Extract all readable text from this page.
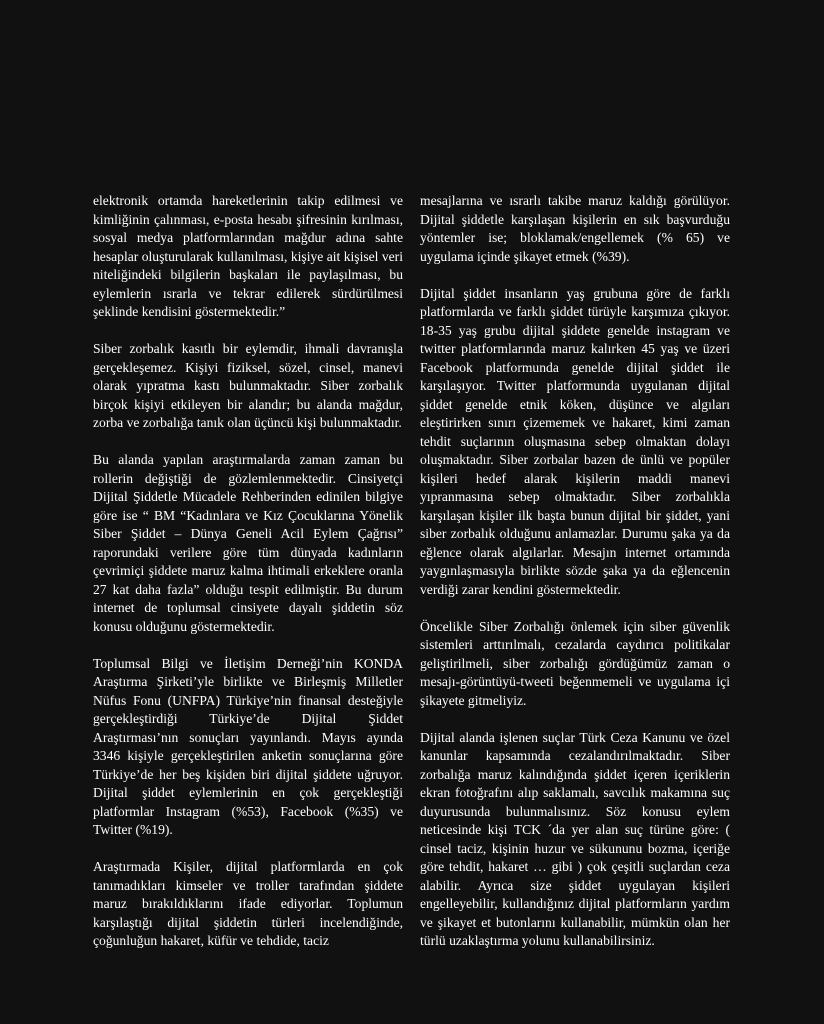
elektronik ortamda hareketlerinin takip edilmesi ve kimliğinin çalınması, e-posta hesabı şifresinin kırılması, sosyal medya platformlarından mağdur adına sahte hesaplar oluşturularak kullanılması, kişiye ait kişisel veri niteliğindeki bilgilerin başkaları ile paylaşılması, bu eylemlerin ısrarla ve tekrar edilerek sürdürülmesi şeklinde kendisini göstermektedir.”

Siber zorbalık kasıtlı bir eylemdir, ihmali davranışla gerçekleşemez. Kişiyi fiziksel, sözel, cinsel, manevi olarak yıpratma kastı bulunmaktadır. Siber zorbalık birçok kişiyi etkileyen bir alandır; bu alanda mağdur, zorba ve zorbalığa tanık olan üçüncü kişi bulunmaktadır.

Bu alanda yapılan araştırmalarda zaman zaman bu rollerin değiştiği de gözlemlenmektedir. Cinsiyetçi Dijital Şiddetle Mücadele Rehberinden edinilen bilgiye göre ise “ BM “Kadınlara ve Kız Çocuklarına Yönelik Siber Şiddet – Dünya Geneli Acil Eylem Çağrısı” raporundaki verilere göre tüm dünyada kadınların çevrimiçi şiddete maruz kalma ihtimali erkeklere oranla 27 kat daha fazla” olduğu tespit edilmiştir. Bu durum internet de toplumsal cinsiyete dayalı şiddetin söz konusu olduğunu göstermektedir.

Toplumsal Bilgi ve İletişim Derneği’nin KONDA Araştırma Şirketi’yle birlikte ve Birleşmiş Milletler Nüfus Fonu (UNFPA) Türkiye’nin finansal desteğiyle gerçekleştirdiği Türkiye’de Dijital Şiddet Araştırması’nın sonuçları yayınlandı. Mayıs ayında 3346 kişiyle gerçekleştirilen anketin sonuçlarına göre Türkiye’de her beş kişiden biri dijital şiddete uğruyor. Dijital şiddet eylemlerinin en çok gerçekleştiği platformlar Instagram (%53), Facebook (%35) ve Twitter (%19).

Araştırmada Kişiler, dijital platformlarda en çok tanımadıkları kimseler ve troller tarafından şiddete maruz bırakıldıklarını ifade ediyorlar. Toplumun karşılaştığı dijital şiddetin türleri incelendiğinde, çoğunluğun hakaret, küfür ve tehdide, taciz

mesajlarına ve ısrarlı takibe maruz kaldığı görülüyor. Dijital şiddetle karşılaşan kişilerin en sık başvurduğu yöntemler ise; bloklamak/engellemek (% 65) ve uygulama içinde şikayet etmek (%39).

Dijital şiddet insanların yaş grubuna göre de farklı platformlarda ve farklı şiddet türüyle karşımıza çıkıyor. 18-35 yaş grubu dijital şiddete genelde instagram ve twitter platformlarında maruz kalırken 45 yaş ve üzeri Facebook platformunda genelde dijital şiddet ile karşılaşıyor. Twitter platformunda uygulanan dijital şiddet genelde etnik köken, düşünce ve algıları eleştirirken sınırı çizememek ve hakaret, kimi zaman tehdit suçlarının oluşmasına sebep olmaktan dolayı oluşmaktadır. Siber zorbalar bazen de ünlü ve popüler kişileri hedef alarak kişilerin maddi manevi yıpranmasına sebep olmaktadır. Siber zorbalıkla karşılaşan kişiler ilk başta bunun dijital bir şiddet, yani siber zorbalık olduğunu anlamazlar. Durumu şaka ya da eğlence olarak algılarlar. Mesajın internet ortamında yaygınlaşmasıyla birlikte sözde şaka ya da eğlencenin verdiği zarar kendini göstermektedir.

Öncelikle Siber Zorbalığı önlemek için siber güvenlik sistemleri arttırılmalı, cezalarda caydırıcı politikalar geliştirilmeli, siber zorbalığı gördüğümüz zaman o mesajı-görüntüyü-tweeti beğenmemeli ve uygulama içi şikayete gitmeliyiz.

Dijital alanda işlenen suçlar Türk Ceza Kanunu ve özel kanunlar kapsamında cezalandırılmaktadır. Siber zorbalığa maruz kalındığında şiddet içeren içeriklerin ekran fotoğrafını alıp saklamalı, savcılık makamına suç duyurusunda bulunmalısınız. Söz konusu eylem neticesinde kişi TCK ´da yer alan suç türüne göre: ( cinsel taciz, kişinin huzur ve sükununu bozma, içeriğe göre tehdit, hakaret … gibi ) çok çeşitli suçlardan ceza alabilir. Ayrıca size şiddet uygulayan kişileri engelleyebilir, kullandığınız dijital platformların yardım ve şikayet et butonlarını kullanabilir, mümkün olan her türlü uzaklaştırma yolunu kullanabilirsiniz.
